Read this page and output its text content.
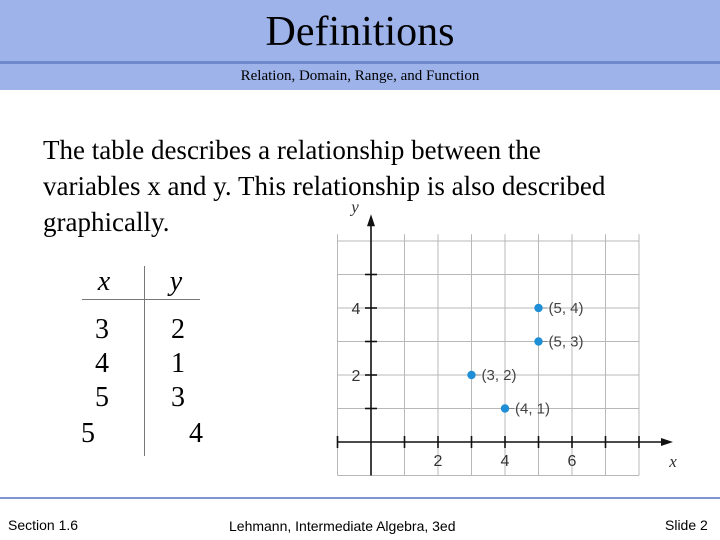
Definitions
Relation, Domain, Range, and Function
The table describes a relationship between the
variables x and y. This relationship is also described
graphically.
x	y
3	2
4	1
5	3
5	4
x
y
2	4	6
2
4	(5, 4)
(5, 3)
(3, 2)
(4, 1)
Section 1.6	Lehmann, Intermediate Algebra, 3ed	Slide 2
